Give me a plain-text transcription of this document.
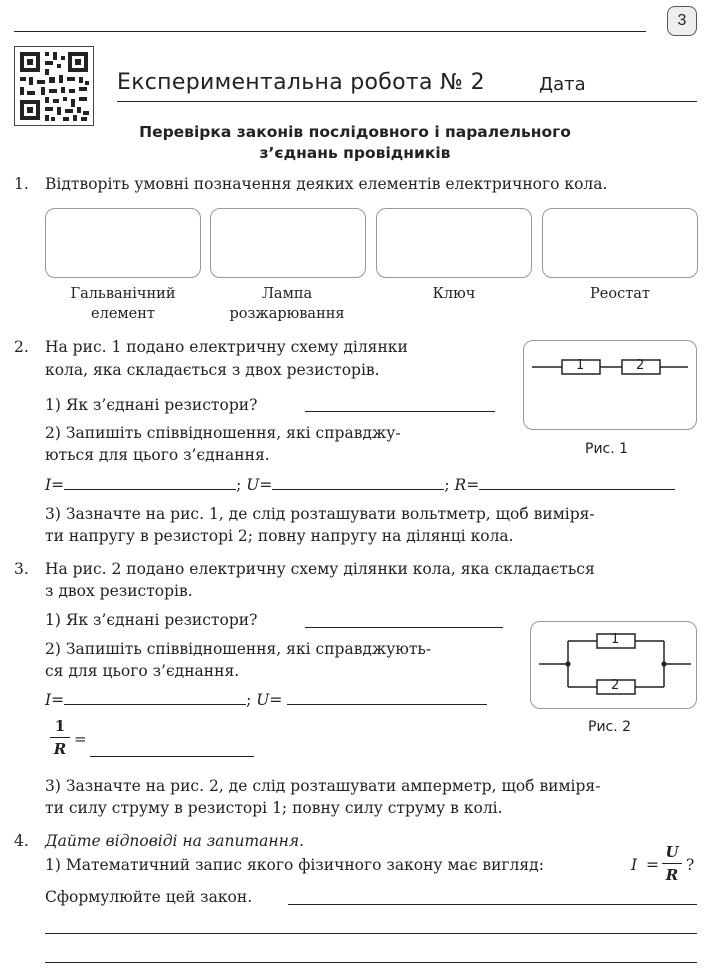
3
Експериментальна робота № 2	Дата
Перевірка законів послідовного і паралельного
з’єднань провідників
1. Відтворіть умовні позначення деяких елементів електричного кола.
Гальванічний
елемент
Лампа
розжарювання
Ключ	Реостат
2. На рис. 1 подано електричну схему ділянки
кола, яка складається з двох резисторів.
1) Як з’єднані резистори?
2) Запишіть співвідношення, які справджу-
ються для цього з’єднання.
1	2
Рис. 1
I=	; U=	; R=
3) Зазначте на рис. 1, де слід розташувати вольтметр, щоб виміря-
ти напругу в резисторі 2; повну напругу на ділянці кола.
3. На рис. 2 подано електричну схему ділянки кола, яка складається
з двох резисторів.
1) Як з’єднані резистори?
2) Запишіть співвідношення, які справджують-
ся для цього з’єднання.
I=	; U=
1
R
=
1
2
Рис. 2
3) Зазначте на рис. 2, де слід розташувати амперметр, щоб виміря-
ти силу струму в резисторі 1; повну силу струму в колі.
4. Дайте відповіді на запитання.
1) Математичний запис якого фізичного закону має вигляд:	I =
U
R
?
Сформулюйте цей закон.
